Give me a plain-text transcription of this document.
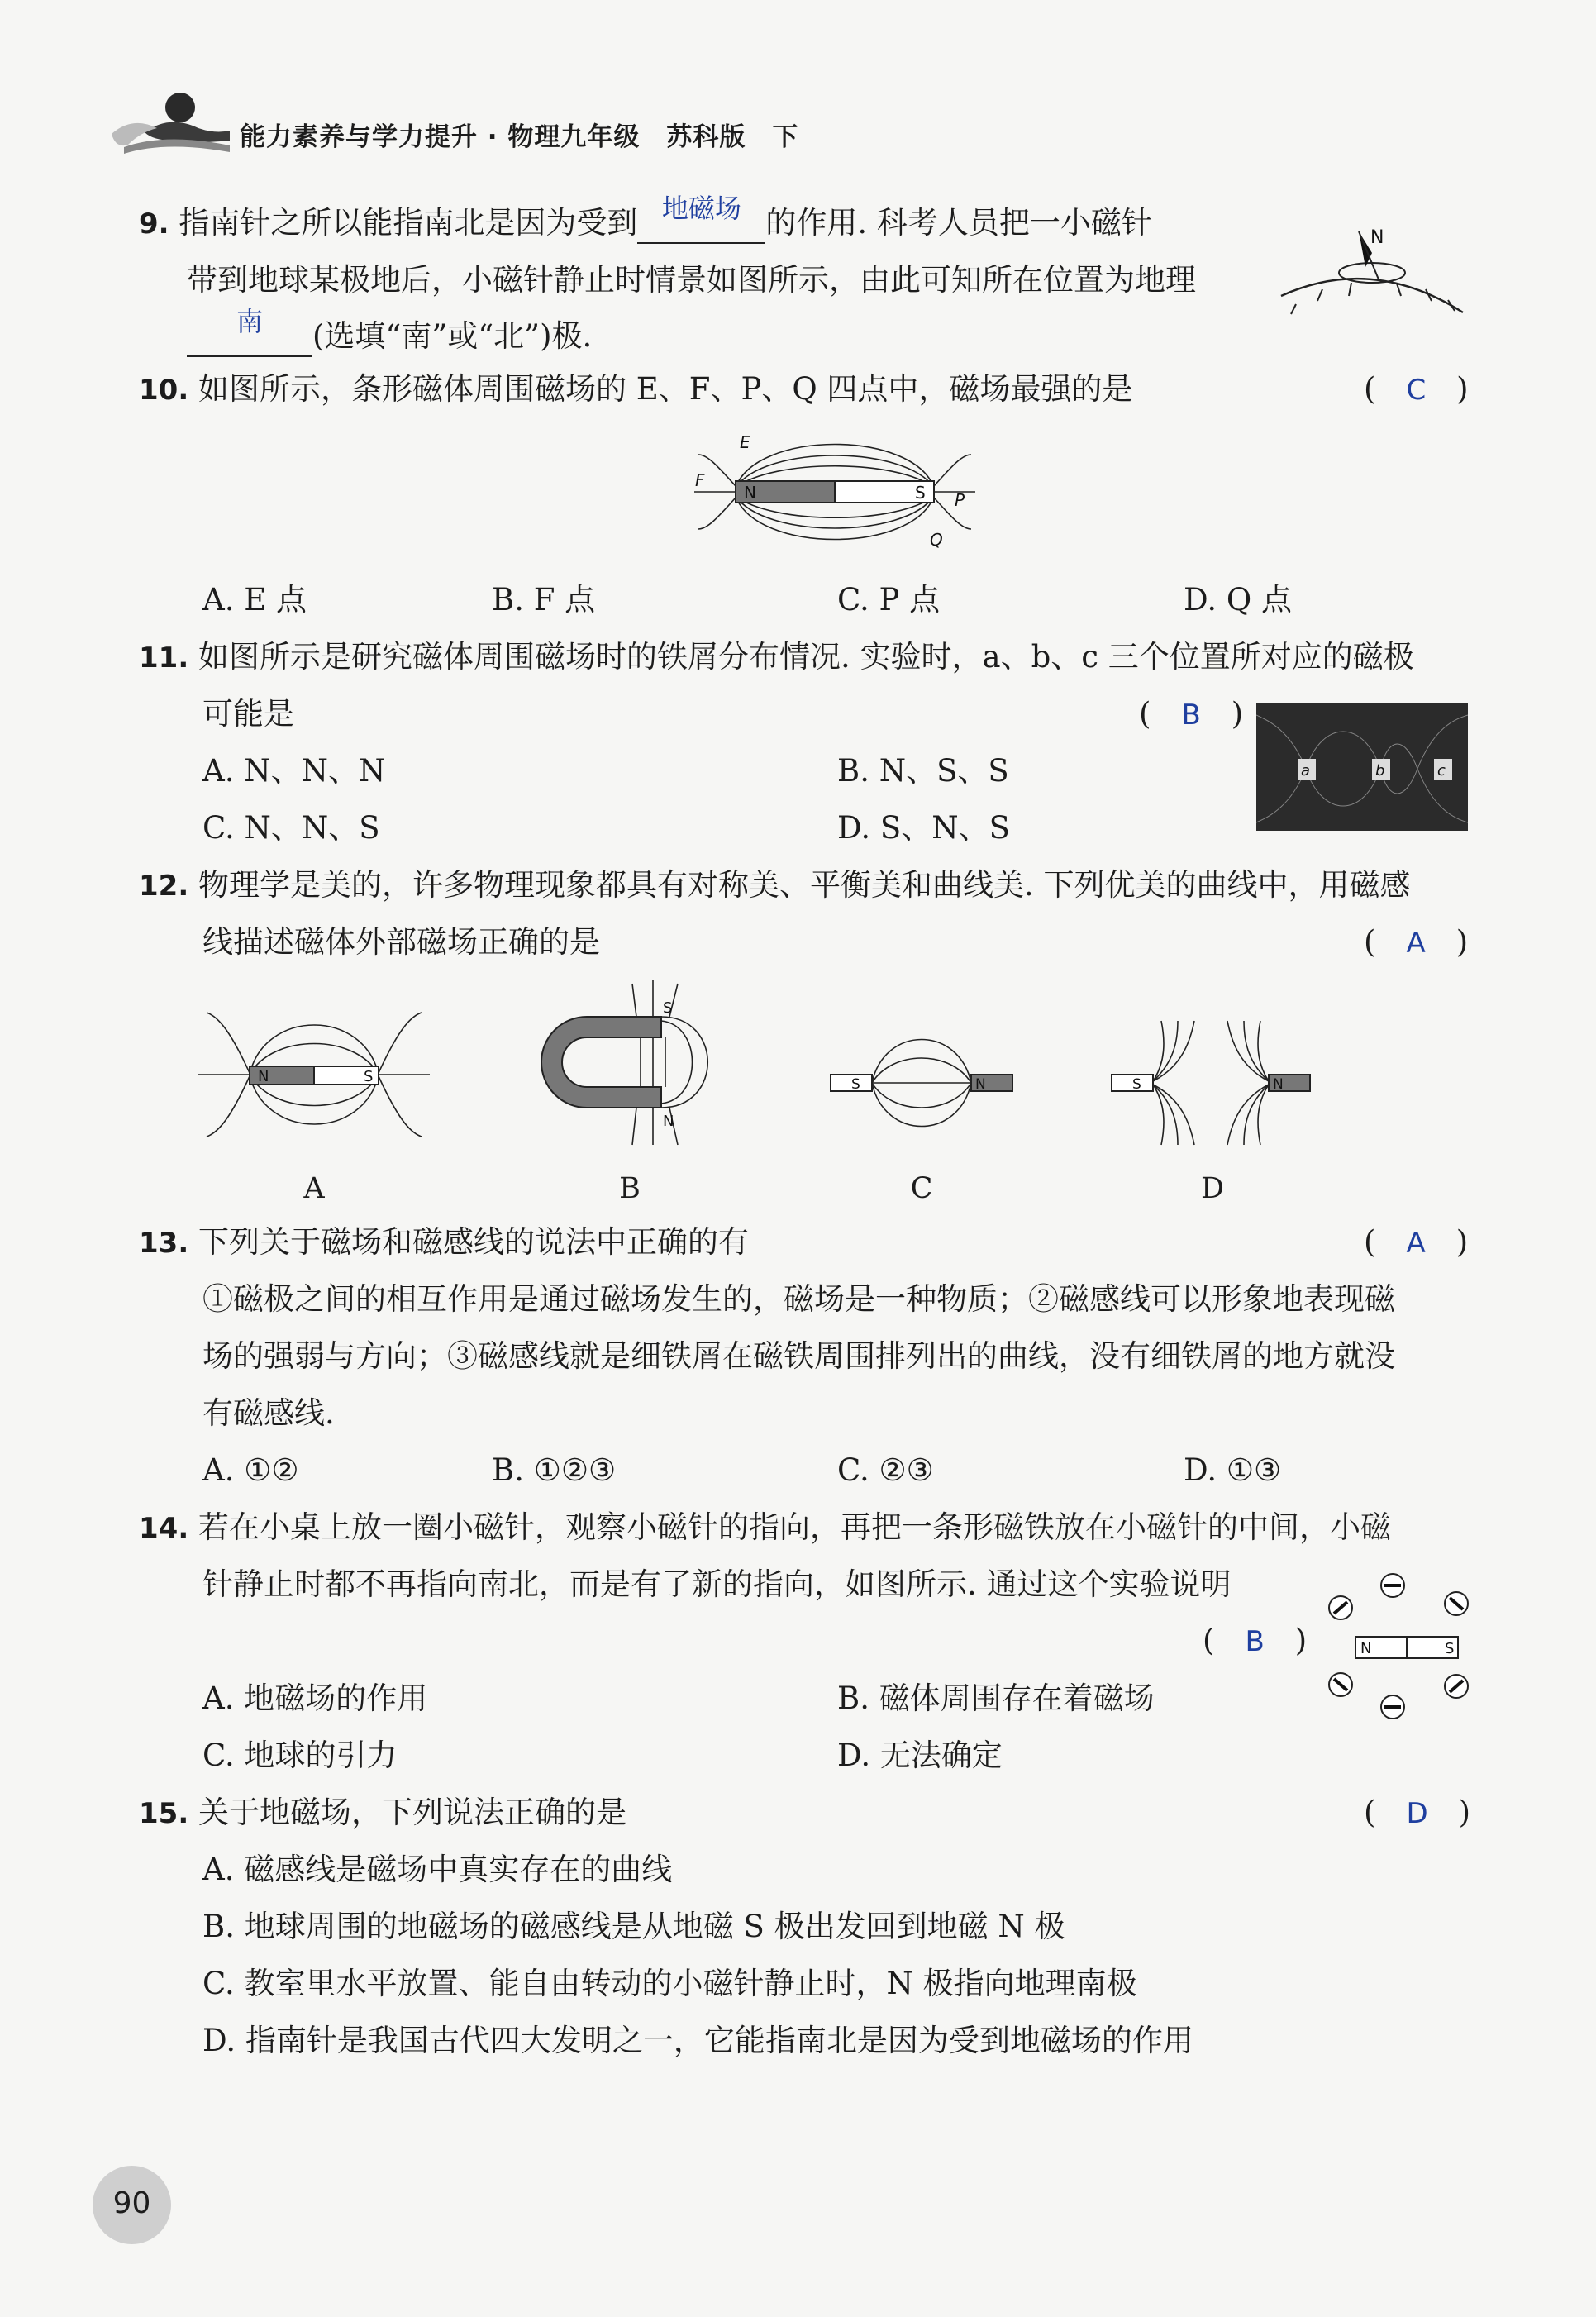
能力素养与学力提升 · 物理九年级　苏科版　下
9. 指南针之所以能指南北是因为受到 地磁场 的作用. 科考人员把一小磁针
带到地球某极地后，小磁针静止时情景如图所示，由此可知所在位置为地理
南	(选填“南”或“北”)极.
N
10. 如图所示，条形磁体周围磁场的 E、F、P、Q 四点中，磁场最强的是	(　C　)
N	S
E
F
P
Q
A. E 点	B. F 点	C. P 点	D. Q 点
11. 如图所示是研究磁体周围磁场时的铁屑分布情况. 实验时，a、b、c 三个位置所对应的磁极
可能是	(　B　)
a	b	c
A. N、N、N	B. N、S、S
C. N、N、S	D. S、N、S
12. 物理学是美的，许多物理现象都具有对称美、平衡美和曲线美. 下列优美的曲线中，用磁感
线描述磁体外部磁场正确的是	(　A　)
N	S
S
N
S	N	S	N
A	B	C	D
13. 下列关于磁场和磁感线的说法中正确的有	(　A　)
①磁极之间的相互作用是通过磁场发生的，磁场是一种物质；②磁感线可以形象地表现磁
场的强弱与方向；③磁感线就是细铁屑在磁铁周围排列出的曲线，没有细铁屑的地方就没
有磁感线.
A. ①②	B. ①②③	C. ②③	D. ①③
14. 若在小桌上放一圈小磁针，观察小磁针的指向，再把一条形磁铁放在小磁针的中间，小磁
针静止时都不再指向南北，而是有了新的指向，如图所示. 通过这个实验说明
(　B　)	N	S
A. 地磁场的作用	B. 磁体周围存在着磁场
C. 地球的引力	D. 无法确定
15. 关于地磁场，下列说法正确的是	(　D　)
A. 磁感线是磁场中真实存在的曲线
B. 地球周围的地磁场的磁感线是从地磁 S 极出发回到地磁 N 极
C. 教室里水平放置、能自由转动的小磁针静止时，N 极指向地理南极
D. 指南针是我国古代四大发明之一，它能指南北是因为受到地磁场的作用
90
